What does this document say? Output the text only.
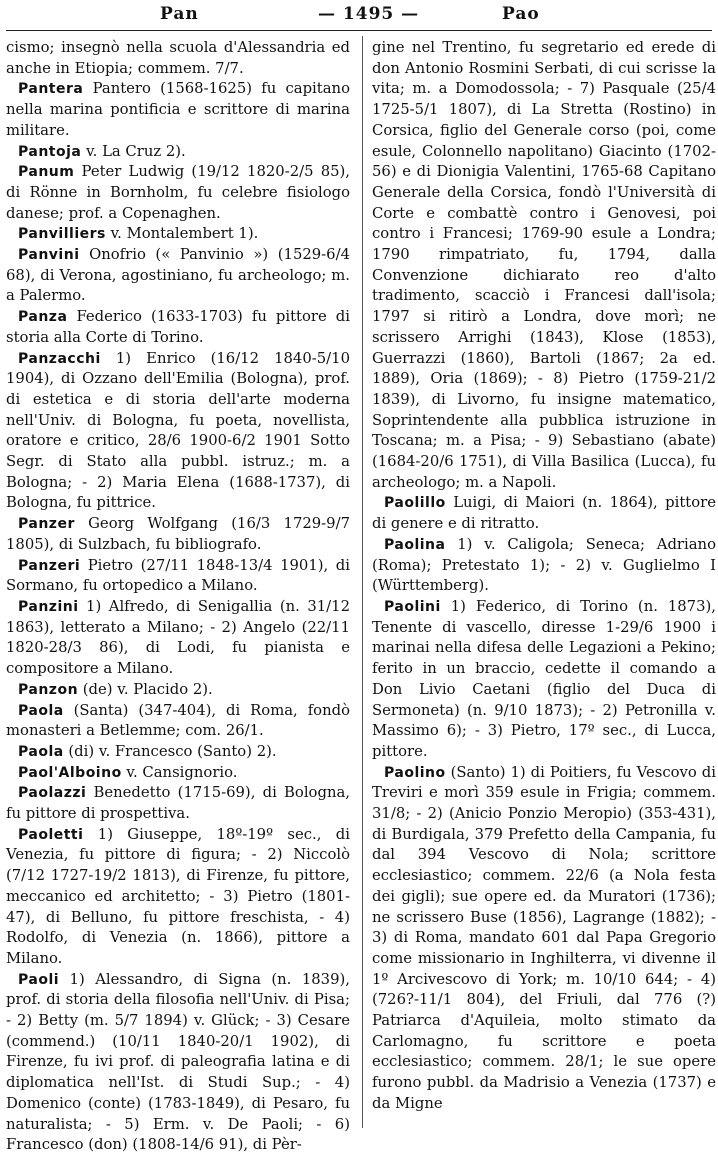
Pan	— 1495 —	Pao

cismo; insegnò nella scuola d'Alessandria ed anche in Etiopia; commem. 7/7.

Pantera Pantero (1568-1625) fu capitano nella marina pontificia e scrittore di marina militare.

Pantoja v. La Cruz 2).

Panum Peter Ludwig (19/12 1820-2/5 85), di Rönne in Bornholm, fu celebre fisiologo danese; prof. a Copenaghen.

Panvilliers v. Montalembert 1).

Panvini Onofrio (« Panvinio ») (1529-6/4 68), di Verona, agostiniano, fu archeologo; m. a Palermo.

Panza Federico (1633-1703) fu pittore di storia alla Corte di Torino.

Panzacchi 1) Enrico (16/12 1840-5/10 1904), di Ozzano dell'Emilia (Bologna), prof. di estetica e di storia dell'arte moderna nell'Univ. di Bologna, fu poeta, novellista, oratore e critico, 28/6 1900-6/2 1901 Sotto Segr. di Stato alla pubbl. istruz.; m. a Bologna; - 2) Maria Elena (1688-1737), di Bologna, fu pittrice.

Panzer Georg Wolfgang (16/3 1729-9/7 1805), di Sulzbach, fu bibliografo.

Panzeri Pietro (27/11 1848-13/4 1901), di Sormano, fu ortopedico a Milano.

Panzini 1) Alfredo, di Senigallia (n. 31/12 1863), letterato a Milano; - 2) Angelo (22/11 1820-28/3 86), di Lodi, fu pianista e compositore a Milano.

Panzon (de) v. Placido 2).

Paola (Santa) (347-404), di Roma, fondò monasteri a Betlemme; com. 26/1.

Paola (di) v. Francesco (Santo) 2).

Paol'Alboino v. Cansignorio.

Paolazzi Benedetto (1715-69), di Bologna, fu pittore di prospettiva.

Paoletti 1) Giuseppe, 18º-19º sec., di Venezia, fu pittore di figura; - 2) Niccolò (7/12 1727-19/2 1813), di Firenze, fu pittore, meccanico ed architetto; - 3) Pietro (1801-47), di Belluno, fu pittore freschista, - 4) Rodolfo, di Venezia (n. 1866), pittore a Milano.

Paoli 1) Alessandro, di Signa (n. 1839), prof. di storia della filosofia nell'Univ. di Pisa; - 2) Betty (m. 5/7 1894) v. Glück; - 3) Cesare (commend.) (10/11 1840-20/1 1902), di Firenze, fu ivi prof. di paleografia latina e di diplomatica nell'Ist. di Studi Sup.; - 4) Domenico (conte) (1783-1849), di Pesaro, fu naturalista; - 5) Erm. v. De Paoli; - 6) Francesco (don) (1808-14/6 91), di Pèr-

gine nel Trentino, fu segretario ed erede di don Antonio Rosmini Serbati, di cui scrisse la vita; m. a Domodossola; - 7) Pasquale (25/4 1725-5/1 1807), di La Stretta (Rostino) in Corsica, figlio del Generale corso (poi, come esule, Colonnello napolitano) Giacinto (1702-56) e di Dionigia Valentini, 1765-68 Capitano Generale della Corsica, fondò l'Università di Corte e combattè contro i Genovesi, poi contro i Francesi; 1769-90 esule a Londra; 1790 rimpatriato, fu, 1794, dalla Convenzione dichiarato reo d'alto tradimento, scacciò i Francesi dall'isola; 1797 si ritirò a Londra, dove morì; ne scrissero Arrighi (1843), Klose (1853), Guerrazzi (1860), Bartoli (1867; 2a ed. 1889), Oria (1869); - 8) Pietro (1759-21/2 1839), di Livorno, fu insigne matematico, Soprintendente alla pubblica istruzione in Toscana; m. a Pisa; - 9) Sebastiano (abate) (1684-20/6 1751), di Villa Basilica (Lucca), fu archeologo; m. a Napoli.

Paolillo Luigi, di Maiori (n. 1864), pittore di genere e di ritratto.

Paolina 1) v. Caligola; Seneca; Adriano (Roma); Pretestato 1); - 2) v. Guglielmo I (Württemberg).

Paolini 1) Federico, di Torino (n. 1873), Tenente di vascello, diresse 1-29/6 1900 i marinai nella difesa delle Legazioni a Pekino; ferito in un braccio, cedette il comando a Don Livio Caetani (figlio del Duca di Sermoneta) (n. 9/10 1873); - 2) Petronilla v. Massimo 6); - 3) Pietro, 17º sec., di Lucca, pittore.

Paolino (Santo) 1) di Poitiers, fu Vescovo di Treviri e morì 359 esule in Frigia; commem. 31/8; - 2) (Anicio Ponzio Meropio) (353-431), di Burdigala, 379 Prefetto della Campania, fu dal 394 Vescovo di Nola; scrittore ecclesiastico; commem. 22/6 (a Nola festa dei gigli); sue opere ed. da Muratori (1736); ne scrissero Buse (1856), Lagrange (1882); - 3) di Roma, mandato 601 dal Papa Gregorio come missionario in Inghilterra, vi divenne il 1º Arcivescovo di York; m. 10/10 644; - 4) (726?-11/1 804), del Friuli, dal 776 (?) Patriarca d'Aquileia, molto stimato da Carlomagno, fu scrittore e poeta ecclesiastico; commem. 28/1; le sue opere furono pubbl. da Madrisio a Venezia (1737) e da Migne
